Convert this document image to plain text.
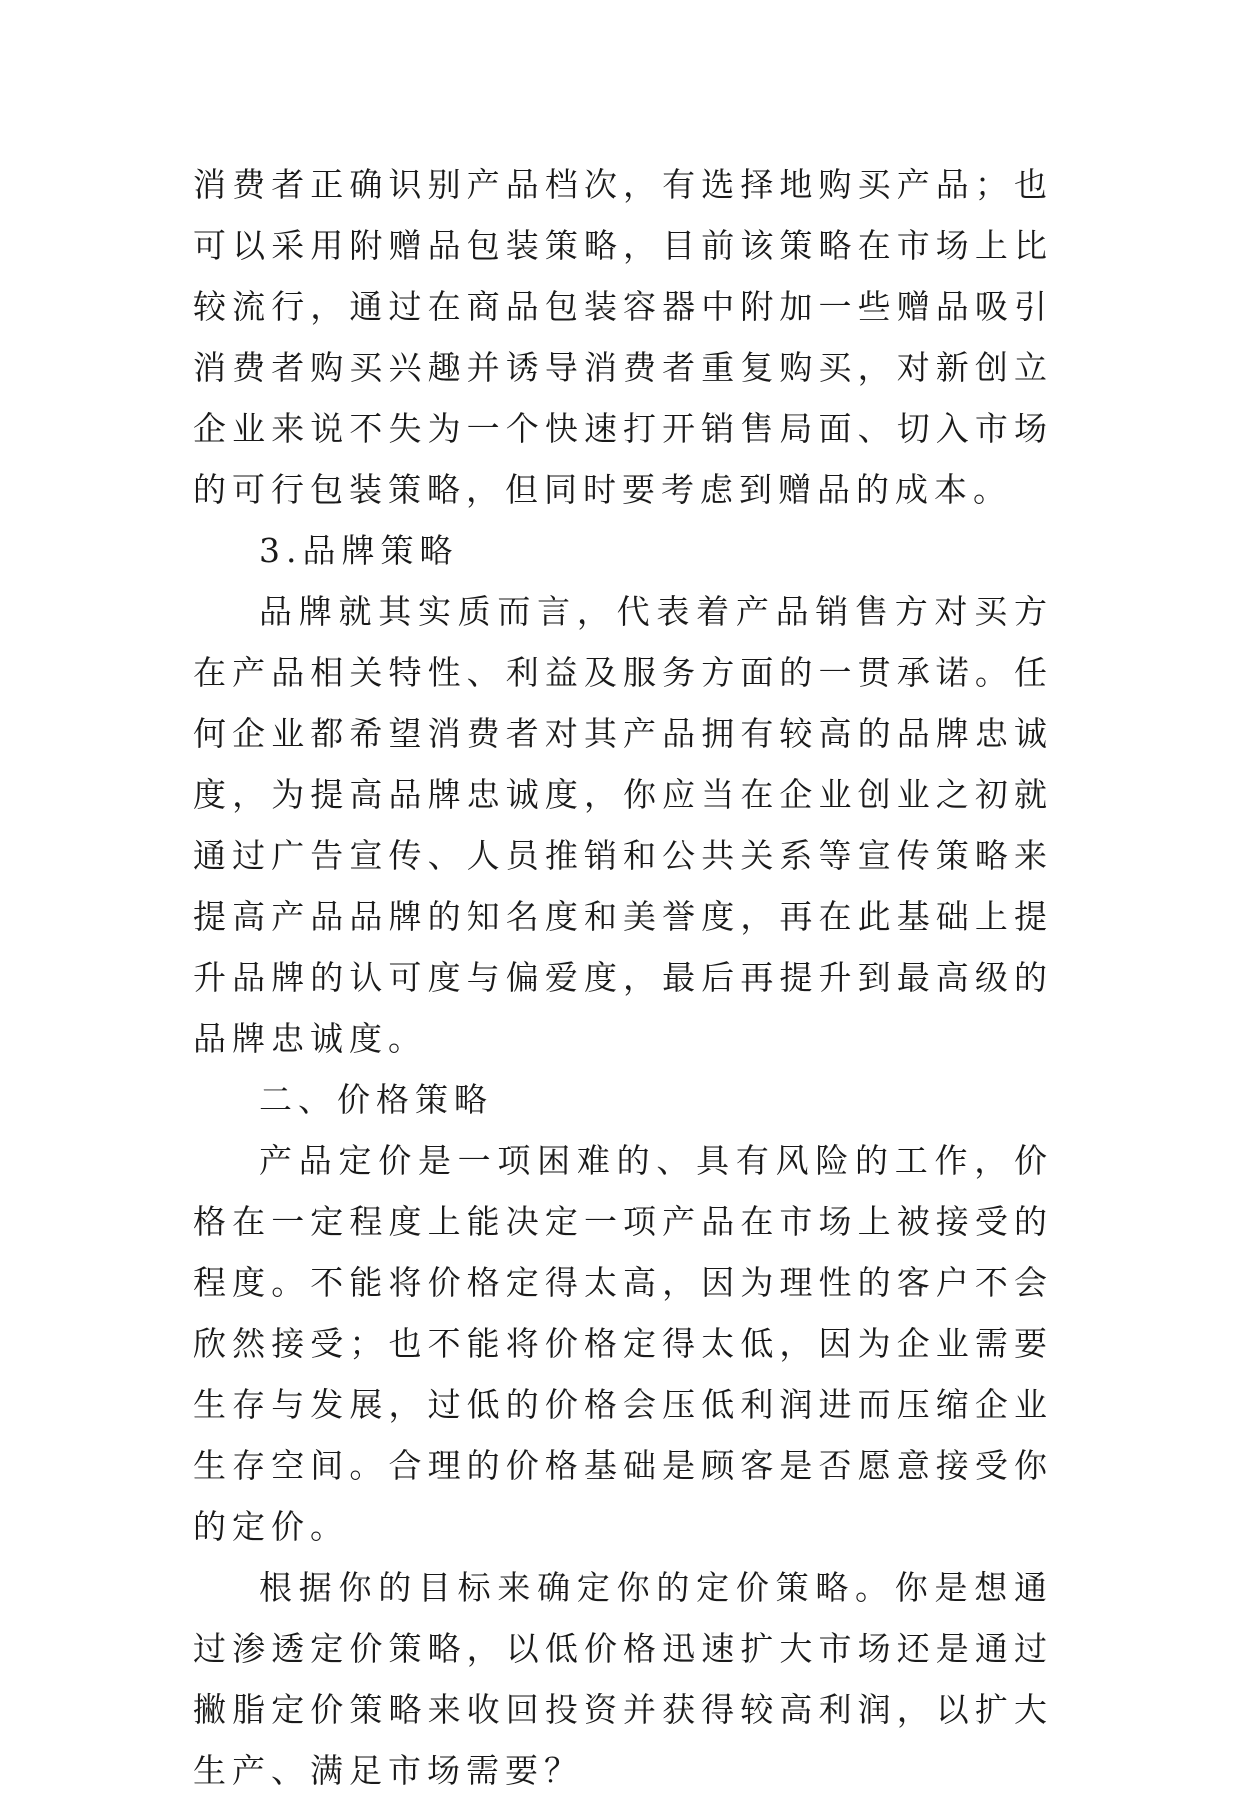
消费者正确识别产品档次，有选择地购买产品；也可以采用附赠品包装策略，目前该策略在市场上比较流行，通过在商品包装容器中附加一些赠品吸引消费者购买兴趣并诱导消费者重复购买，对新创立企业来说不失为一个快速打开销售局面、切入市场的可行包装策略，但同时要考虑到赠品的成本。

3.品牌策略

品牌就其实质而言，代表着产品销售方对买方在产品相关特性、利益及服务方面的一贯承诺。任何企业都希望消费者对其产品拥有较高的品牌忠诚度，为提高品牌忠诚度，你应当在企业创业之初就通过广告宣传、人员推销和公共关系等宣传策略来提高产品品牌的知名度和美誉度，再在此基础上提升品牌的认可度与偏爱度，最后再提升到最高级的品牌忠诚度。

二、价格策略

产品定价是一项困难的、具有风险的工作，价格在一定程度上能决定一项产品在市场上被接受的程度。不能将价格定得太高，因为理性的客户不会欣然接受；也不能将价格定得太低，因为企业需要生存与发展，过低的价格会压低利润进而压缩企业生存空间。合理的价格基础是顾客是否愿意接受你的定价。

根据你的目标来确定你的定价策略。你是想通过渗透定价策略，以低价格迅速扩大市场还是通过撇脂定价策略来收回投资并获得较高利润，以扩大生产、满足市场需要？
